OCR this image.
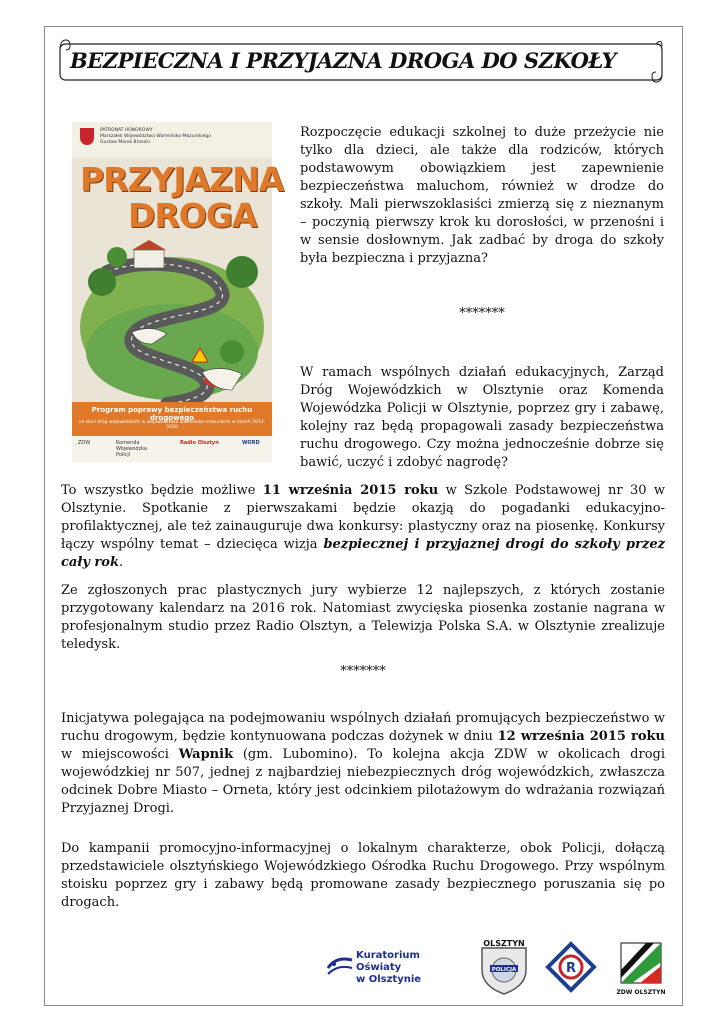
BEZPIECZNA I PRZYJAZNA DROGA DO SZKOŁY
PATRONAT HONOROWY
Marszałek Województwa Warmińsko-Mazurskiego
Gustaw Marek Brzezin
PRZYJAZNA
DROGA
Program poprawy bezpieczeństwa ruchu drogowego
na sieci dróg wojewódzkich w województwie warmińsko-mazurskim w latach 2014-2020
ZDW	Komenda Wojewódzka Policji
Radio Olsztyn	WORD
Rozpoczęcie edukacji szkolnej to duże przeżycie nie tylko dla dzieci, ale także dla rodziców, których podstawowym obowiązkiem jest zapewnienie bezpieczeństwa maluchom, również w drodze do szkoły. Mali pierwszoklasiści zmierzą się z nieznanym – poczynią pierwszy krok ku dorosłości, w przenośni i w sensie dosłownym. Jak zadbać by droga do szkoły była bezpieczna i przyjazna?
*******
W ramach wspólnych działań edukacyjnych, Zarząd Dróg Wojewódzkich w Olsztynie oraz Komenda Wojewódzka Policji w Olsztynie, poprzez gry i zabawę, kolejny raz będą propagowali zasady bezpieczeństwa ruchu drogowego. Czy można jednocześnie dobrze się bawić, uczyć i zdobyć nagrodę?
To wszystko będzie możliwe 11 września 2015 roku w Szkole Podstawowej nr 30 w Olsztynie. Spotkanie z pierwszakami będzie okazją do pogadanki edukacyjno-profilaktycznej, ale też zainauguruje dwa konkursy: plastyczny oraz na piosenkę. Konkursy łączy wspólny temat – dziecięca wizja bezpiecznej i przyjaznej drogi do szkoły przez cały rok.
Ze zgłoszonych prac plastycznych jury wybierze 12 najlepszych, z których zostanie przygotowany kalendarz na 2016 rok. Natomiast zwycięska piosenka zostanie nagrana w profesjonalnym studio przez Radio Olsztyn, a Telewizja Polska S.A. w Olsztynie zrealizuje teledysk.
*******
Inicjatywa polegająca na podejmowaniu wspólnych działań promujących bezpieczeństwo w ruchu drogowym, będzie kontynuowana podczas dożynek w dniu 12 września 2015 roku w miejscowości Wapnik (gm. Lubomino). To kolejna akcja ZDW w okolicach drogi wojewódzkiej nr 507, jednej z najbardziej niebezpiecznych dróg wojewódzkich, zwłaszcza odcinek Dobre Miasto – Orneta, który jest odcinkiem pilotażowym do wdrażania rozwiązań Przyjaznej Drogi.
Do kampanii promocyjno-informacyjnej o lokalnym charakterze, obok Policji, dołączą przedstawiciele olsztyńskiego Wojewódzkiego Ośrodka Ruchu Drogowego. Przy wspólnym stoisku poprzez gry i zabawy będą promowane zasady bezpiecznego poruszania się po drogach.
Kuratorium Oświaty
w Olsztynie
POLICJA
OLSZTYN
R
ZDW OLSZTYN
